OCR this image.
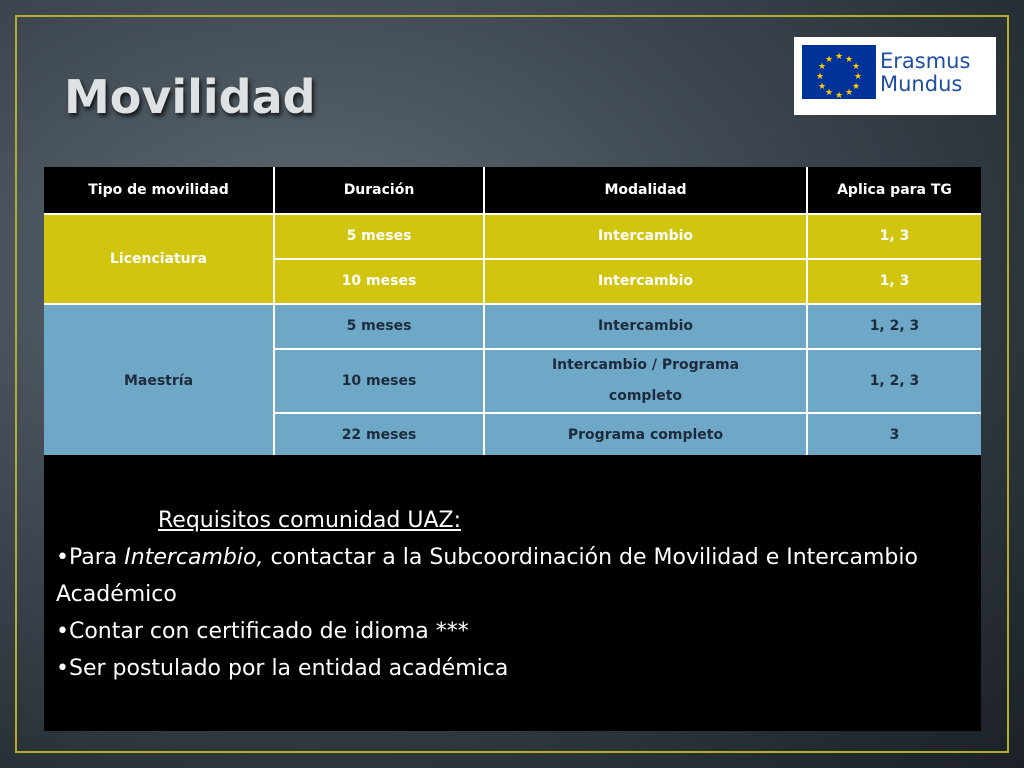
Movilidad
★ ★
★
★
★
★
★
★
★
★
★
★ Erasmus
Mundus
Tipo de movilidad	Duración	Modalidad	Aplica para TG
Licenciatura	5 meses	Intercambio	1, 3
	10 meses	Intercambio	1, 3
Maestría	5 meses	Intercambio	1, 2, 3
	10 meses	Intercambio / Programa completo	1, 2, 3
	22 meses	Programa completo	3
Requisitos comunidad UAZ:

•Para Intercambio, contactar a la Subcoordinación de Movilidad e Intercambio Académico

•Contar con certificado de idioma ***

•Ser postulado por la entidad académica
